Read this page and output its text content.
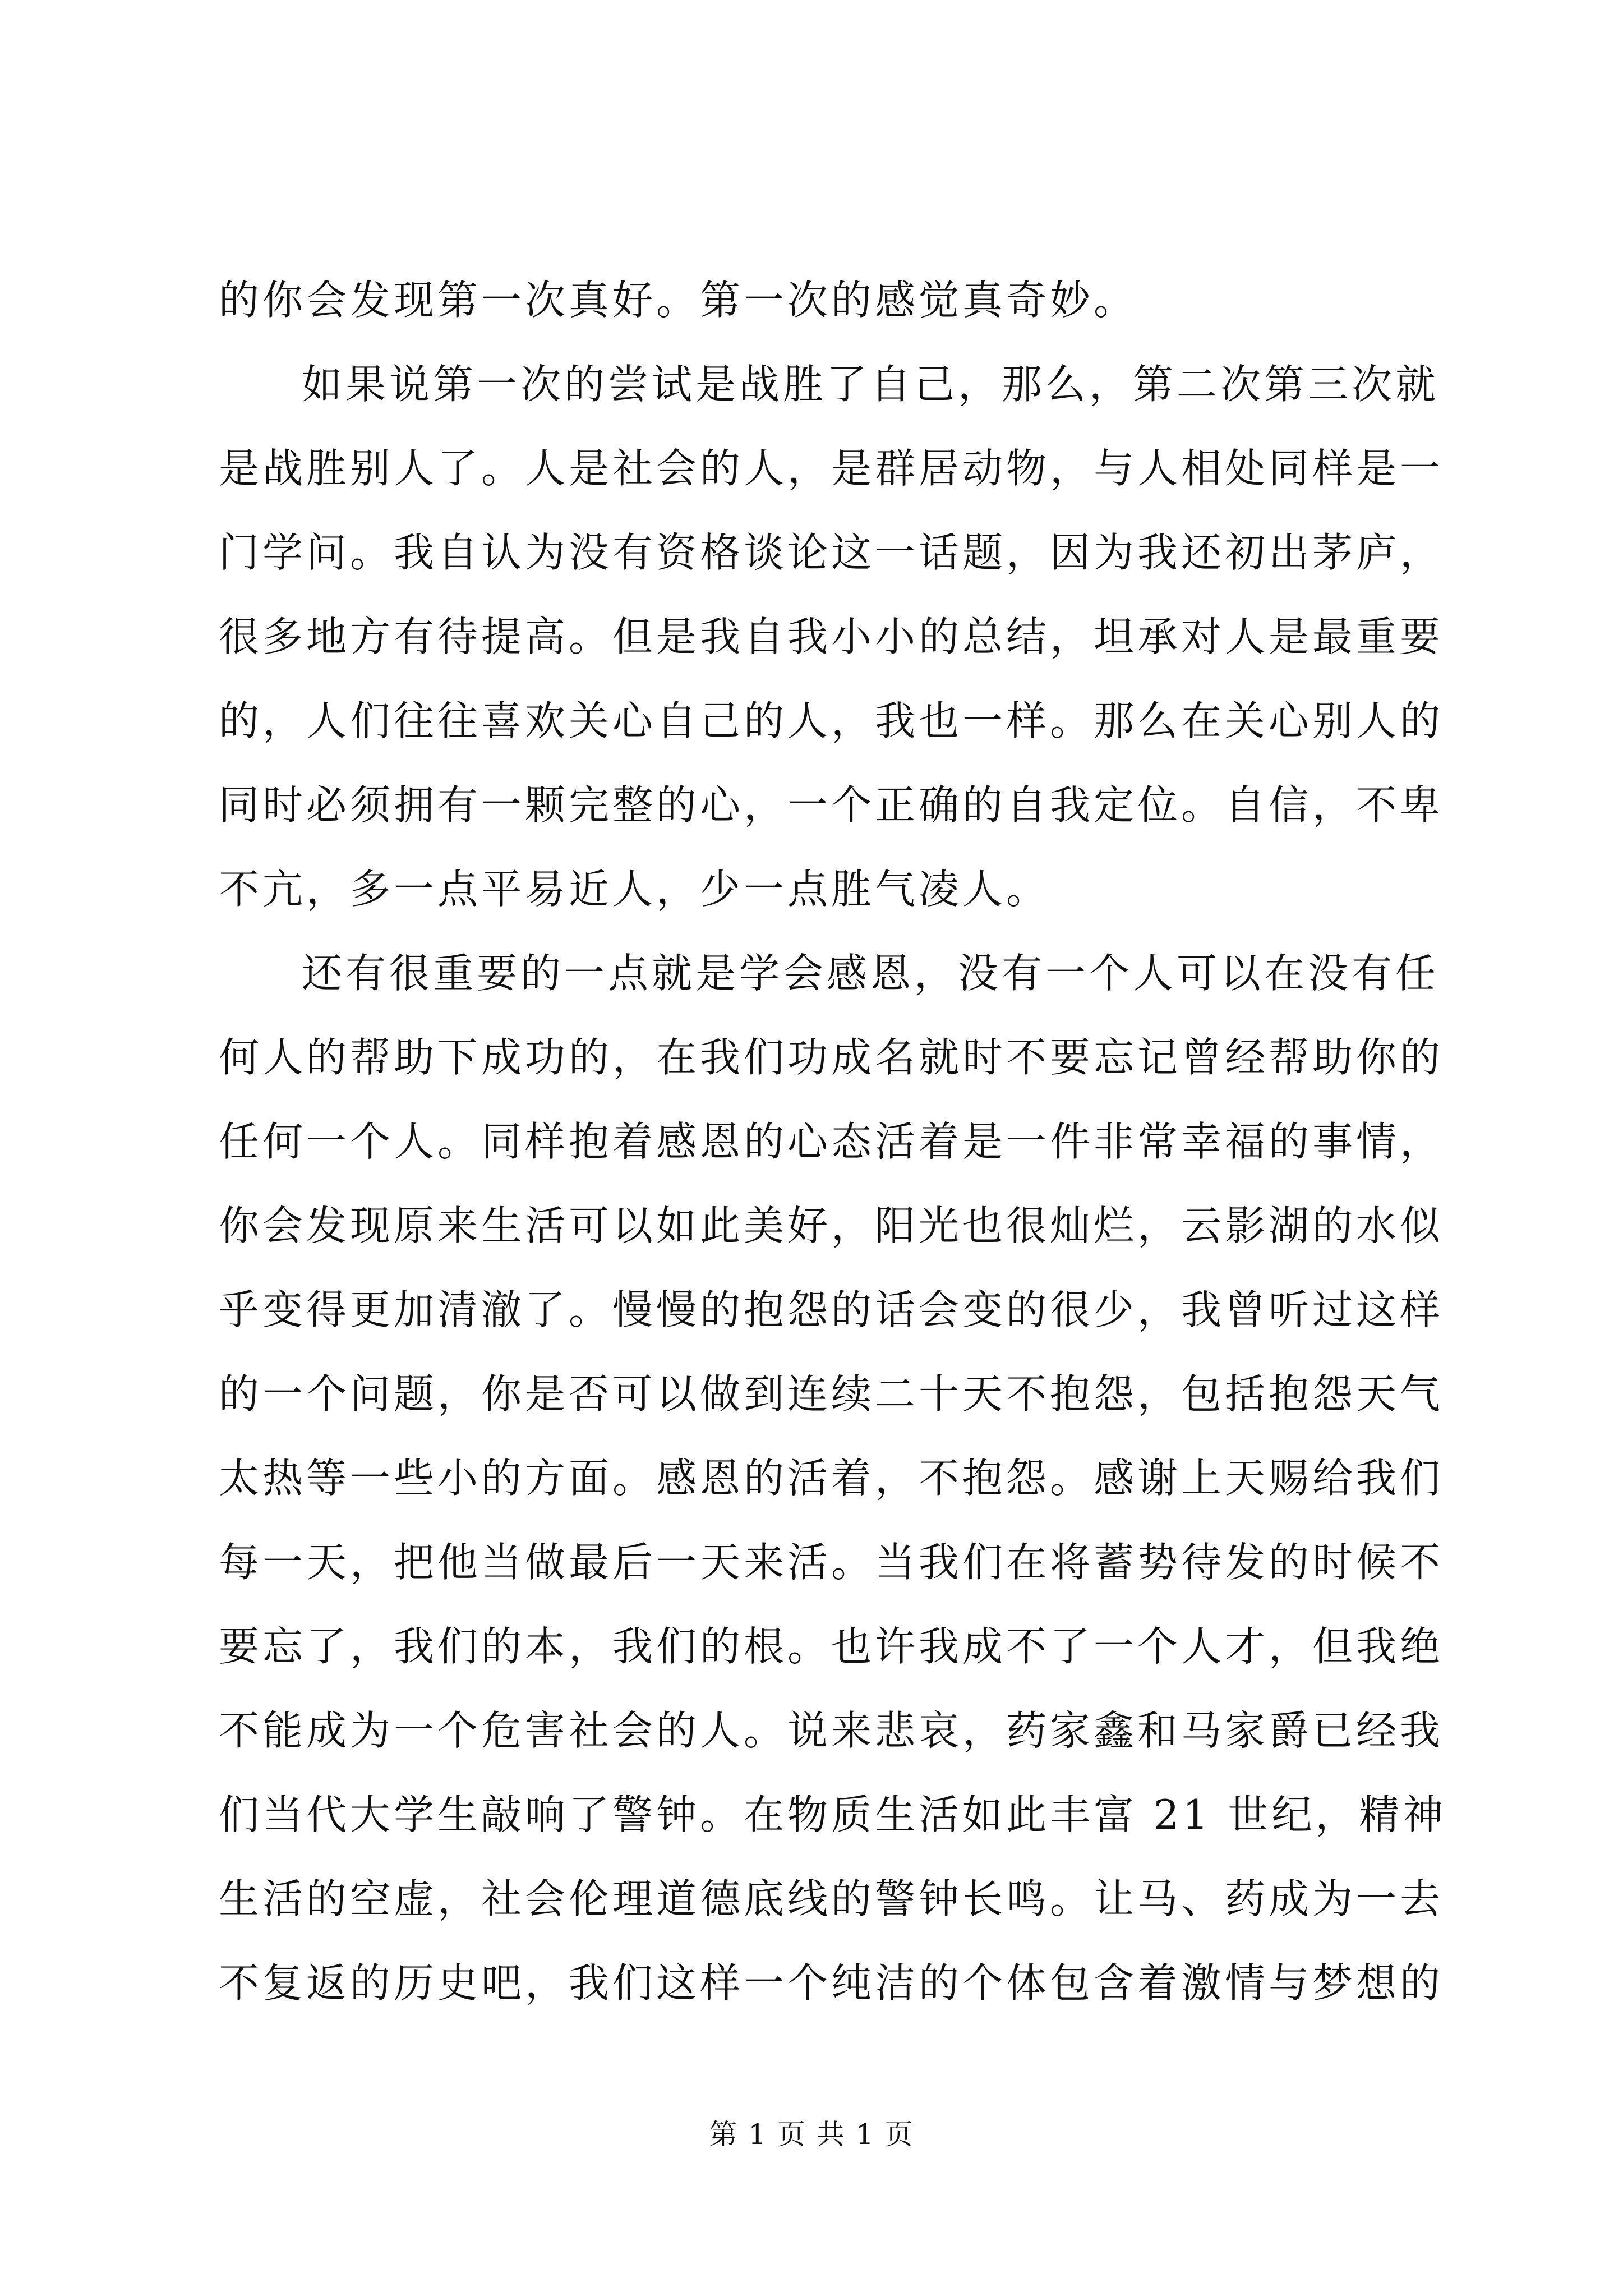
的你会发现第一次真好。第一次的感觉真奇妙。
如果说第一次的尝试是战胜了自己，那么，第二次第三次就
是战胜别人了。人是社会的人，是群居动物，与人相处同样是一
门学问。我自认为没有资格谈论这一话题，因为我还初出茅庐，
很多地方有待提高。但是我自我小小的总结，坦承对人是最重要
的，人们往往喜欢关心自己的人，我也一样。那么在关心别人的
同时必须拥有一颗完整的心，一个正确的自我定位。自信，不卑
不亢，多一点平易近人，少一点胜气凌人。
还有很重要的一点就是学会感恩，没有一个人可以在没有任
何人的帮助下成功的，在我们功成名就时不要忘记曾经帮助你的
任何一个人。同样抱着感恩的心态活着是一件非常幸福的事情，
你会发现原来生活可以如此美好，阳光也很灿烂，云影湖的水似
乎变得更加清澈了。慢慢的抱怨的话会变的很少，我曾听过这样
的一个问题，你是否可以做到连续二十天不抱怨，包括抱怨天气
太热等一些小的方面。感恩的活着，不抱怨。感谢上天赐给我们
每一天，把他当做最后一天来活。当我们在将蓄势待发的时候不
要忘了，我们的本，我们的根。也许我成不了一个人才，但我绝
不能成为一个危害社会的人。说来悲哀，药家鑫和马家爵已经我
们当代大学生敲响了警钟。在物质生活如此丰富 21 世纪，精神
生活的空虚，社会伦理道德底线的警钟长鸣。让马、药成为一去
不复返的历史吧，我们这样一个纯洁的个体包含着激情与梦想的
第 1 页 共 1 页
